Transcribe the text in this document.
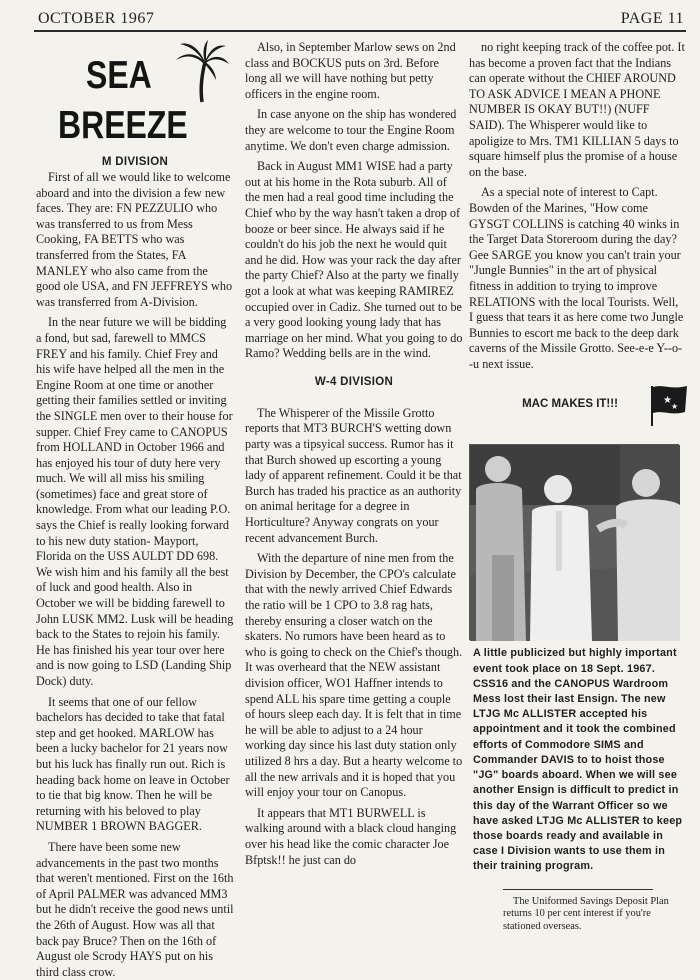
OCTOBER 1967	PAGE 11
SEA
BREEZE
M DIVISION

First of all we would like to welcome aboard and into the division a few new faces. They are: FN PEZZULIO who was transferred to us from Mess Cooking, FA BETTS who was transferred from the States, FA MANLEY who also came from the good ole USA, and FN JEFFREYS who was transferred from A-Division.

In the near future we will be bidding a fond, but sad, farewell to MMCS FREY and his family. Chief Frey and his wife have helped all the men in the Engine Room at one time or another getting their families settled or inviting the SINGLE men over to their house for supper. Chief Frey came to CANOPUS from HOLLAND in October 1966 and has enjoyed his tour of duty here very much. We will all miss his smiling (sometimes) face and great store of knowledge. From what our leading P.O. says the Chief is really looking forward to his new duty station- Mayport, Florida on the USS AULDT DD 698. We wish him and his family all the best of luck and good health. Also in October we will be bidding farewell to John LUSK MM2. Lusk will be heading back to the States to rejoin his family. He has finished his year tour over here and is now going to LSD (Landing Ship Dock) duty.

It seems that one of our fellow bachelors has decided to take that fatal step and get hooked. MARLOW has been a lucky bachelor for 21 years now but his luck has finally run out. Rich is heading back home on leave in October to tie that big know. Then he will be returning with his beloved to play NUMBER 1 BROWN BAGGER.

There have been some new advancements in the past two months that weren't mentioned. First on the 16th of April PALMER was advanced MM3 but he didn't receive the good news until the 26th of August. How was all that back pay Bruce? Then on the 16th of August ole Scrody HAYS put on his third class crow.

Also, in September Marlow sews on 2nd class and BOCKUS puts on 3rd. Before long all we will have nothing but petty officers in the engine room.

In case anyone on the ship has wondered they are welcome to tour the Engine Room anytime. We don't even charge admission.

Back in August MM1 WISE had a party out at his home in the Rota suburb. All of the men had a real good time including the Chief who by the way hasn't taken a drop of booze or beer since. He always said if he couldn't do his job the next he would quit and he did. How was your rack the day after the party Chief? Also at the party we finally got a look at what was keeping RAMIREZ occupied over in Cadiz. She turned out to be a very good looking young lady that has marriage on her mind. What you going to do Ramo? Wedding bells are in the wind.

W-4 DIVISION

The Whisperer of the Missile Grotto reports that MT3 BURCH'S wetting down party was a tipsyical success. Rumor has it that Burch showed up escorting a young lady of apparent refinement. Could it be that Burch has traded his practice as an authority on animal heritage for a degree in Horticulture? Anyway congrats on your recent advancement Burch.

With the departure of nine men from the Division by December, the CPO's calculate that with the newly arrived Chief Edwards the ratio will be 1 CPO to 3.8 rag hats, thereby ensuring a closer watch on the skaters. No rumors have been heard as to who is going to check on the Chief's though. It was overheard that the NEW assistant division officer, WO1 Haffner intends to spend ALL his spare time getting a couple of hours sleep each day. It is felt that in time he will be able to adjust to a 24 hour working day since his last duty station only utilized 8 hrs a day. But a hearty welcome to all the new arrivals and it is hoped that you will enjoy your tour on Canopus.

It appears that MT1 BURWELL is walking around with a black cloud hanging over his head like the comic character Joe Bfptsk!! he just can do

no right keeping track of the coffee pot. It has become a proven fact that the Indians can operate without the CHIEF AROUND TO ASK ADVICE I MEAN A PHONE NUMBER IS OKAY BUT!!) (NUFF SAID). The Whisperer would like to apoligize to Mrs. TM1 KILLIAN 5 days to square himself plus the promise of a house on the base.

As a special note of interest to Capt. Bowden of the Marines, "How come GYSGT COLLINS is catching 40 winks in the Target Data Storeroom during the day? Gee SARGE you know you can't train your "Jungle Bunnies" in the art of physical fitness in addition to trying to improve RELATIONS with the local Tourists. Well, I guess that tears it as here come two Jungle Bunnies to escort me back to the deep dark caverns of the Missile Grotto. See-e-e Y--o--u next issue.

MAC MAKES IT!!!	★
★

A little publicized but highly important event took place on 18 Sept. 1967. CSS16 and the CANOPUS Wardroom Mess lost their last Ensign. The new LTJG Mc ALLISTER accepted his appointment and it took the combined efforts of Commodore SIMS and Commander DAVIS to to hoist those "JG" boards aboard. When we will see another Ensign is difficult to predict in this day of the Warrant Officer so we have asked LTJG Mc ALLISTER to keep those boards ready and available in case I Division wants to use them in their training program.

The Uniformed Savings Deposit Plan returns 10 per cent interest if you're stationed overseas.
